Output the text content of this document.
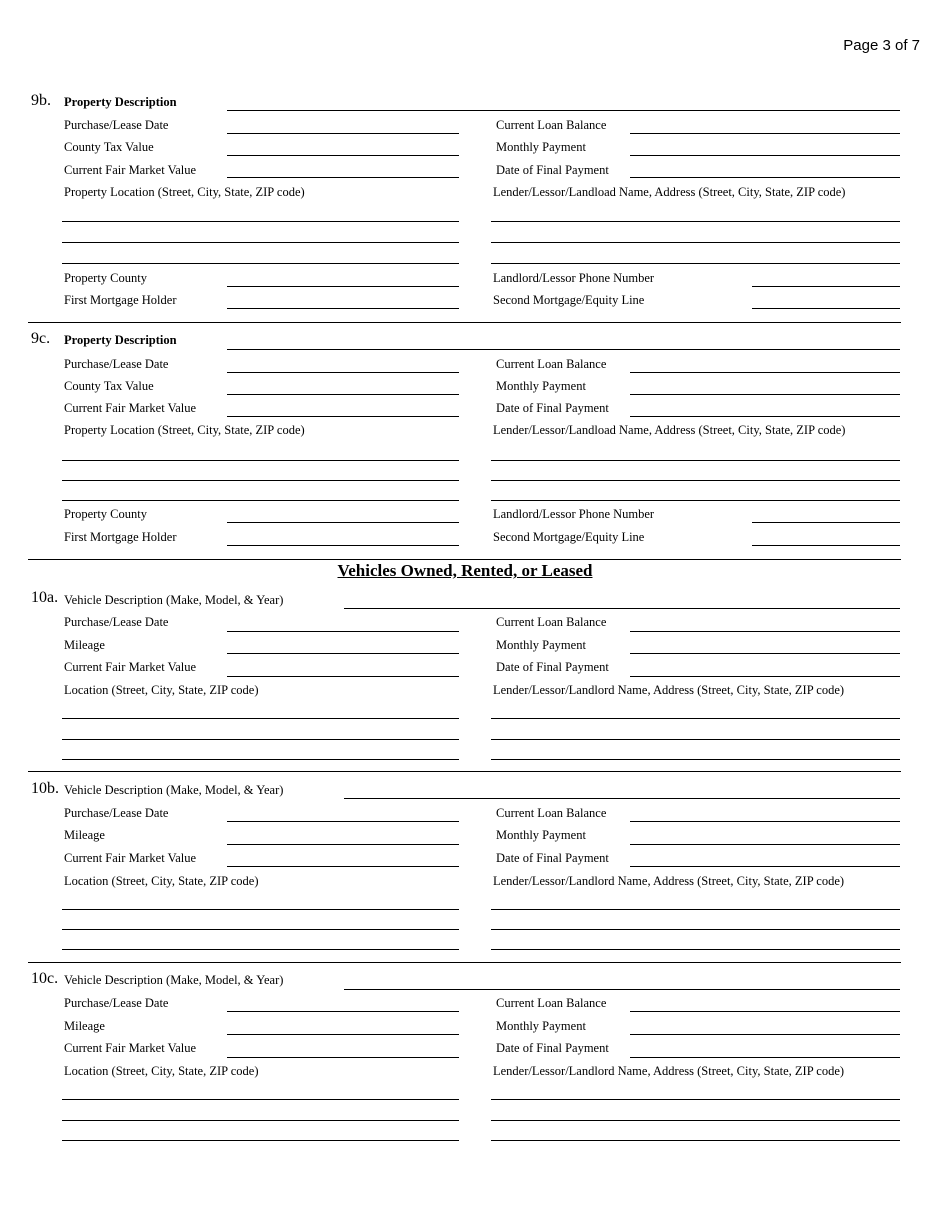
Page 3 of 7
9b. Property Description
Purchase/Lease Date	Current Loan Balance
County Tax Value	Monthly Payment
Current Fair Market Value	Date of Final Payment
Property Location (Street, City, State, ZIP code)	Lender/Lessor/Landload Name, Address (Street, City, State, ZIP code)
Property County	Landlord/Lessor Phone Number
First Mortgage Holder	Second Mortgage/Equity Line
9c. Property Description
Purchase/Lease Date	Current Loan Balance
County Tax Value	Monthly Payment
Current Fair Market Value	Date of Final Payment
Property Location (Street, City, State, ZIP code)	Lender/Lessor/Landload Name, Address (Street, City, State, ZIP code)
Property County	Landlord/Lessor Phone Number
First Mortgage Holder	Second Mortgage/Equity Line
Vehicles Owned, Rented, or Leased
10a. Vehicle Description (Make, Model, & Year)
Purchase/Lease Date	Current Loan Balance
Mileage	Monthly Payment
Current Fair Market Value	Date of Final Payment
Location (Street, City, State, ZIP code)	Lender/Lessor/Landlord Name, Address (Street, City, State, ZIP code)
10b. Vehicle Description (Make, Model, & Year)
Purchase/Lease Date	Current Loan Balance
Mileage	Monthly Payment
Current Fair Market Value	Date of Final Payment
Location (Street, City, State, ZIP code)	Lender/Lessor/Landlord Name, Address (Street, City, State, ZIP code)
10c. Vehicle Description (Make, Model, & Year)
Purchase/Lease Date	Current Loan Balance
Mileage	Monthly Payment
Current Fair Market Value	Date of Final Payment
Location (Street, City, State, ZIP code)	Lender/Lessor/Landlord Name, Address (Street, City, State, ZIP code)
